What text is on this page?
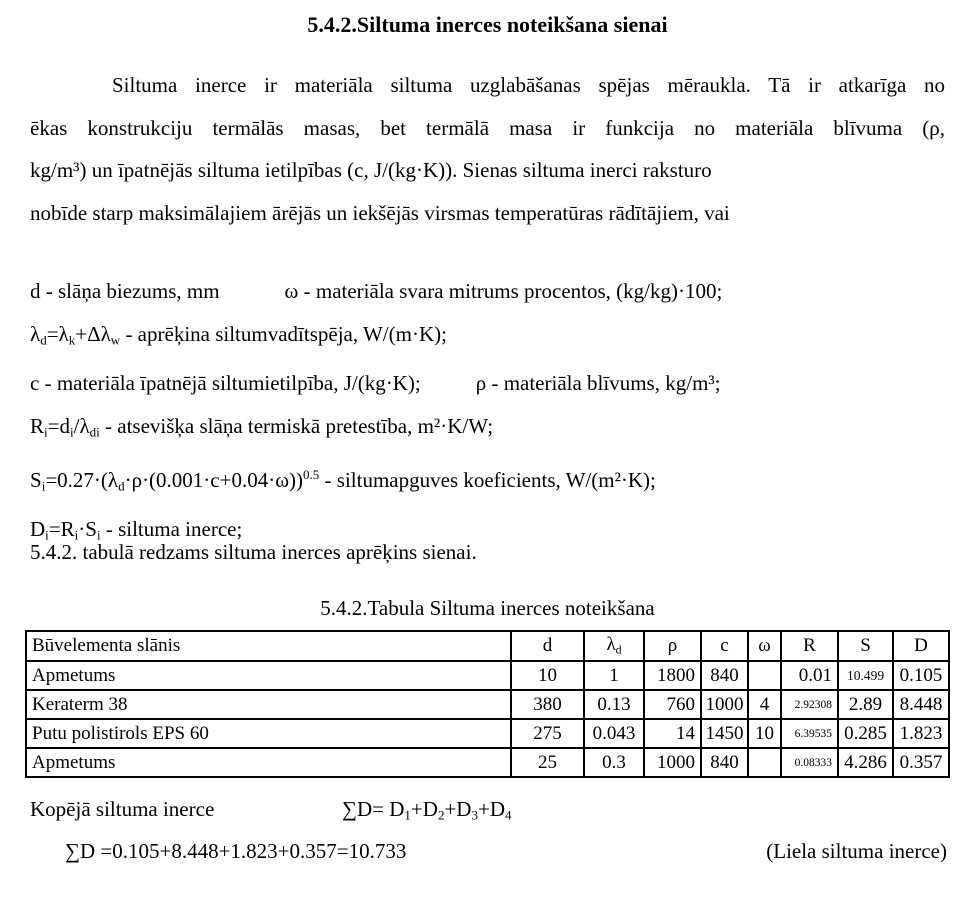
5.4.2.Siltuma inerces noteikšana sienai
Siltuma inerce ir materiāla siltuma uzglabāšanas spējas mēraukla. Tā ir atkarīga no
ēkas konstrukciju termālās masas, bet termālā masa ir funkcija no materiāla blīvuma (ρ,
kg/m³) un īpatnējās siltuma ietilpības (c, J/(kg·K)). Sienas siltuma inerci raksturo
nobīde starp maksimālajiem ārējās un iekšējās virsmas temperatūras rādītājiem, vai
d - slāņa biezums, mm	ω - materiāla svara mitrums procentos, (kg/kg)·100;
$\lambda_d=\lambda_k+\Delta\lambda_w$ - aprēķina siltumvadītspēja, W/(m·K);
c - materiāla īpatnējā siltumietilpība, J/(kg·K);	ρ - materiāla blīvums, kg/m³;
$R_i=d_i/\lambda_{di}$ - atsevišķa slāņa termiskā pretestība, m²·K/W;
$S_i=0.27\cdot(\lambda_d\cdot\rho\cdot(0.001\cdot c+0.04\cdot\omega))^{0.5}$ - siltumapguves koeficients, W/(m²·K);
$D_i=R_i\cdot S_i$ - siltuma inerce;
5.4.2. tabulā redzams siltuma inerces aprēķins sienai.
5.4.2.Tabula Siltuma inerces noteikšana
Būvelementa slānis	d	$\lambda_d$	ρ	c	ω	R	S	D
Apmetums	10	1	1800	840		0.01	10.499	0.105
Keraterm 38	380	0.13	760	1000	4	2.92308	2.89	8.448
Putu polistirols EPS 60	275	0.043	14	1450	10	6.39535	0.285	1.823
Apmetums	25	0.3	1000	840		0.08333	4.286	0.357
Kopējā siltuma inerce	$\sum D= D_1+D_2+D_3+D_4$
∑D =0.105+8.448+1.823+0.357=10.733	(Liela siltuma inerce)
